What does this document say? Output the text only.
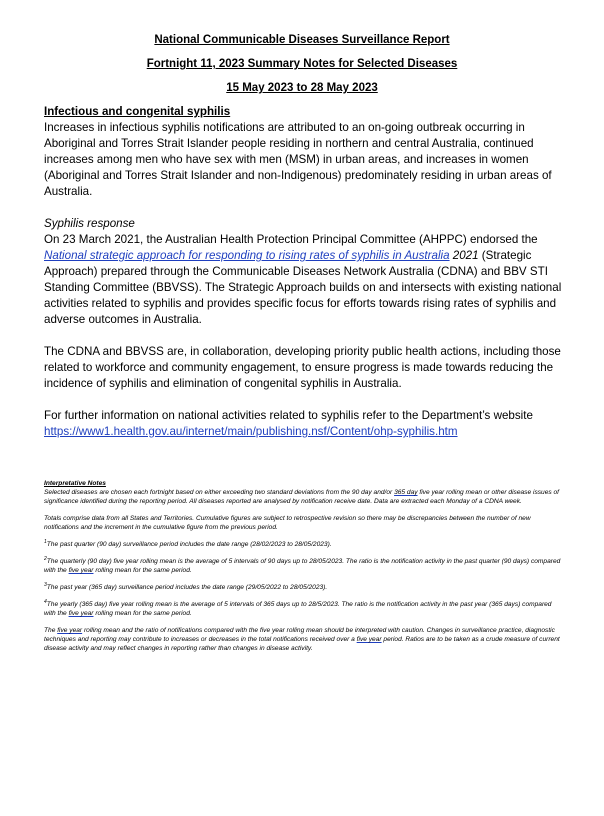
National Communicable Diseases Surveillance Report
Fortnight 11, 2023 Summary Notes for Selected Diseases
15 May 2023 to 28 May 2023
Infectious and congenital syphilis

Increases in infectious syphilis notifications are attributed to an on-going outbreak occurring in Aboriginal and Torres Strait Islander people residing in northern and central Australia, continued increases among men who have sex with men (MSM) in urban areas, and increases in women (Aboriginal and Torres Strait Islander and non-Indigenous) predominately residing in urban areas of Australia.

Syphilis response

On 23 March 2021, the Australian Health Protection Principal Committee (AHPPC) endorsed the National strategic approach for responding to rising rates of syphilis in Australia 2021 (Strategic Approach) prepared through the Communicable Diseases Network Australia (CDNA) and BBV STI Standing Committee (BBVSS). The Strategic Approach builds on and intersects with existing national activities related to syphilis and provides specific focus for efforts towards rising rates of syphilis and adverse outcomes in Australia.

The CDNA and BBVSS are, in collaboration, developing priority public health actions, including those related to workforce and community engagement, to ensure progress is made towards reducing the incidence of syphilis and elimination of congenital syphilis in Australia.

For further information on national activities related to syphilis refer to the Department’s website

https://www1.health.gov.au/internet/main/publishing.nsf/Content/ohp-syphilis.htm

Interpretative Notes

Selected diseases are chosen each fortnight based on either exceeding two standard deviations from the 90 day and/or 365 day five year rolling mean or other disease issues of significance identified during the reporting period. All diseases reported are analysed by notification receive date. Data are extracted each Monday of a CDNA week.

Totals comprise data from all States and Territories. Cumulative figures are subject to retrospective revision so there may be discrepancies between the number of new notifications and the increment in the cumulative figure from the previous period.

$^1$The past quarter (90 day) surveillance period includes the date range (28/02/2023 to 28/05/2023).

$^2$The quarterly (90 day) five year rolling mean is the average of 5 intervals of 90 days up to 28/05/2023. The ratio is the notification activity in the past quarter (90 days) compared with the five year rolling mean for the same period.

$^3$The past year (365 day) surveillance period includes the date range (29/05/2022 to 28/05/2023).

$^4$The yearly (365 day) five year rolling mean is the average of 5 intervals of 365 days up to 28/5/2023. The ratio is the notification activity in the past year (365 days) compared with the five year rolling mean for the same period.

The five year rolling mean and the ratio of notifications compared with the five year rolling mean should be interpreted with caution. Changes in surveillance practice, diagnostic techniques and reporting may contribute to increases or decreases in the total notifications received over a five year period. Ratios are to be taken as a crude measure of current disease activity and may reflect changes in reporting rather than changes in disease activity.
